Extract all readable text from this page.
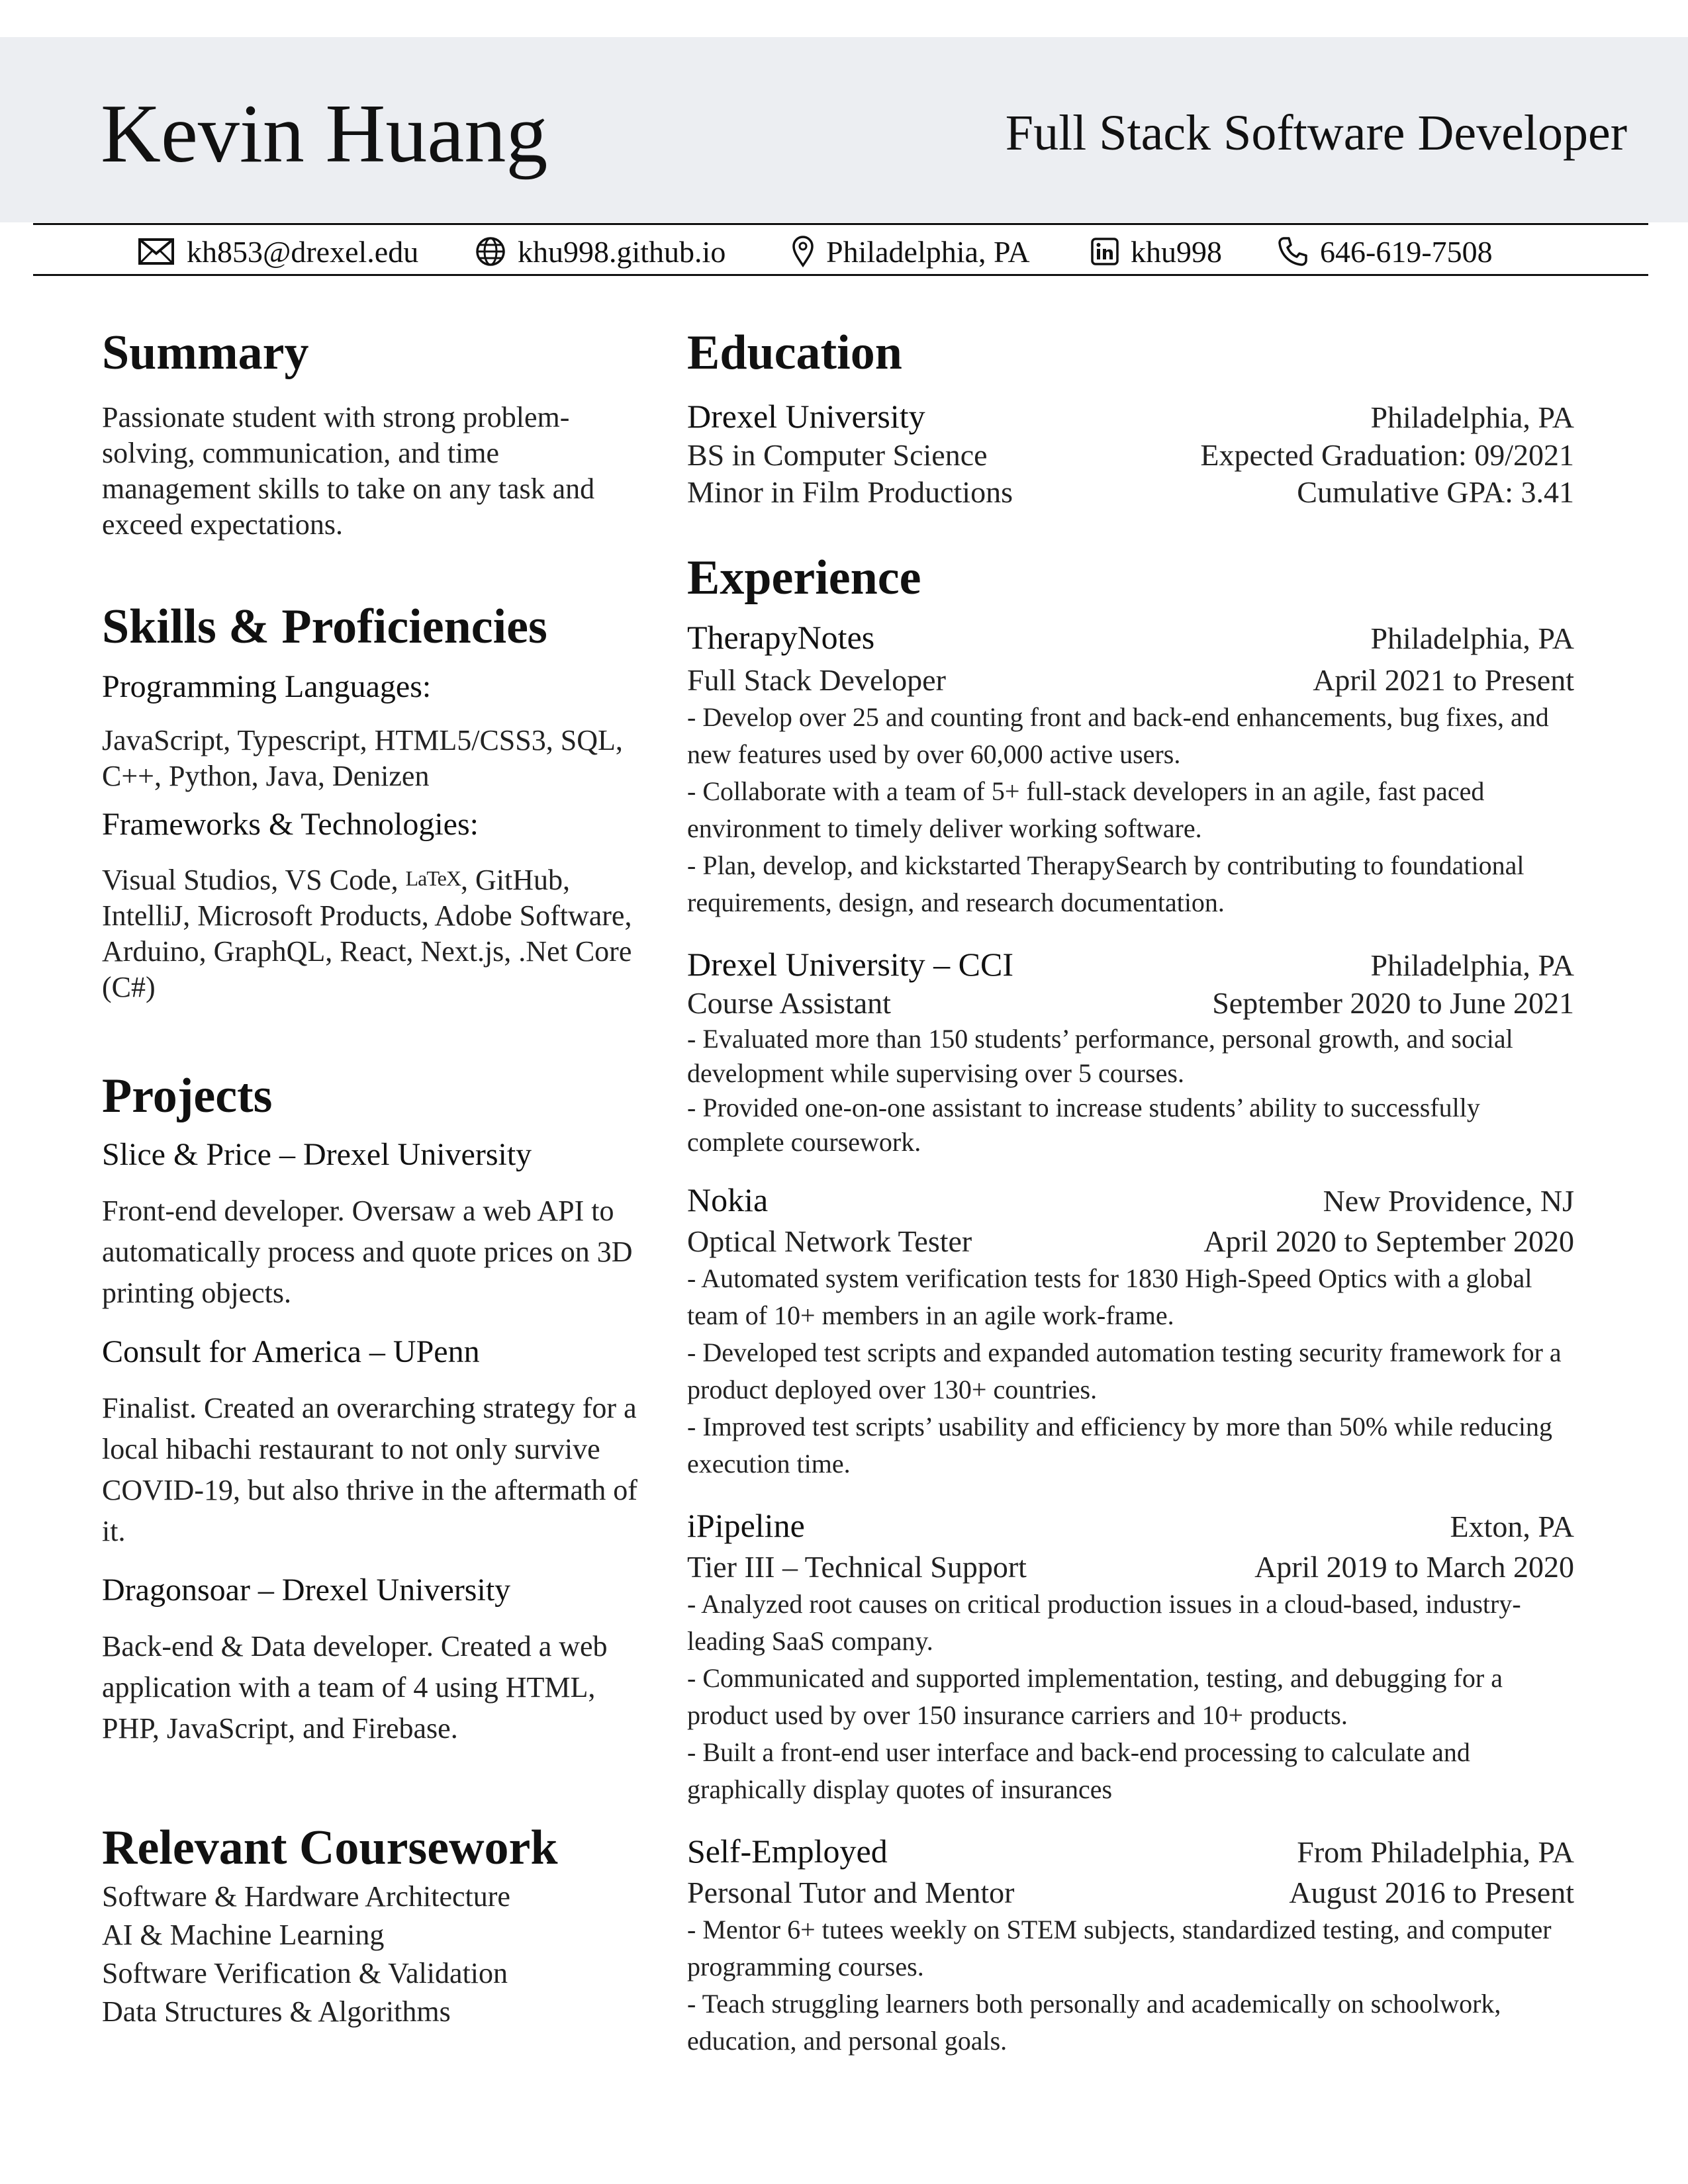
Kevin Huang	Full Stack Software Developer
kh853@drexel.edu	khu998.github.io	Philadelphia, PA	khu998	646-619-7508
Summary

Passionate student with strong problem-solving, communication, and time management skills to take on any task and exceed expectations.

Skills & Proficiencies
Programming Languages:

JavaScript, Typescript, HTML5/CSS3, SQL, C++, Python, Java, Denizen

Frameworks & Technologies:

Visual Studios, VS Code, LaTeX, GitHub, IntelliJ, Microsoft Products, Adobe Software, Arduino, GraphQL, React, Next.js, .Net Core (C#)

Projects
Slice & Price – Drexel University

Front-end developer. Oversaw a web API to automatically process and quote prices on 3D printing objects.

Consult for America – UPenn

Finalist. Created an overarching strategy for a local hibachi restaurant to not only survive COVID-19, but also thrive in the aftermath of it.

Dragonsoar – Drexel University

Back-end & Data developer. Created a web application with a team of 4 using HTML, PHP, JavaScript, and Firebase.

Relevant Coursework

Software & Hardware Architecture

AI & Machine Learning

Software Verification & Validation

Data Structures & Algorithms

Education
Drexel University	Philadelphia, PA
BS in Computer Science	Expected Graduation: 09/2021
Minor in Film Productions	Cumulative GPA: 3.41
Experience
TherapyNotes	Philadelphia, PA
Full Stack Developer	April 2021 to Present

- Develop over 25 and counting front and back-end enhancements, bug fixes, and new features used by over 60,000 active users.

- Collaborate with a team of 5+ full-stack developers in an agile, fast paced environment to timely deliver working software.

- Plan, develop, and kickstarted TherapySearch by contributing to foundational requirements, design, and research documentation.

Drexel University – CCI	Philadelphia, PA
Course Assistant	September 2020 to June 2021

- Evaluated more than 150 students’ performance, personal growth, and social development while supervising over 5 courses.

- Provided one-on-one assistant to increase students’ ability to successfully complete coursework.

Nokia	New Providence, NJ
Optical Network Tester	April 2020 to September 2020

- Automated system verification tests for 1830 High-Speed Optics with a global team of 10+ members in an agile work-frame.

- Developed test scripts and expanded automation testing security framework for a product deployed over 130+ countries.

- Improved test scripts’ usability and efficiency by more than 50% while reducing execution time.

iPipeline	Exton, PA
Tier III – Technical Support	April 2019 to March 2020

- Analyzed root causes on critical production issues in a cloud-based, industry-leading SaaS company.

- Communicated and supported implementation, testing, and debugging for a product used by over 150 insurance carriers and 10+ products.

- Built a front-end user interface and back-end processing to calculate and graphically display quotes of insurances

Self-Employed	From Philadelphia, PA
Personal Tutor and Mentor	August 2016 to Present

- Mentor 6+ tutees weekly on STEM subjects, standardized testing, and computer programming courses.

- Teach struggling learners both personally and academically on schoolwork, education, and personal goals.
